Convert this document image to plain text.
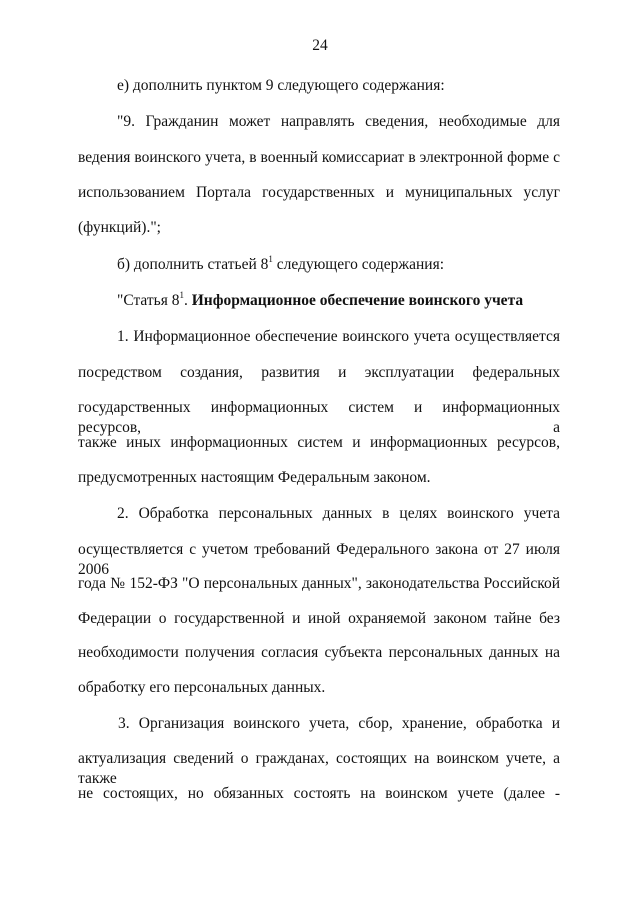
24
е) дополнить пунктом 9 следующего содержания:
"9. Гражданин может направлять сведения, необходимые для
ведения воинского учета, в военный комиссариат в электронной форме с
использованием Портала государственных и муниципальных услуг
(функций).";
б) дополнить статьей $8^1$ следующего содержания:
"Статья $8^1$. Информационное обеспечение воинского учета
1. Информационное обеспечение воинского учета осуществляется
посредством создания, развития и эксплуатации федеральных
государственных информационных систем и информационных ресурсов, а
также иных информационных систем и информационных ресурсов,
предусмотренных настоящим Федеральным законом.
2. Обработка персональных данных в целях воинского учета
осуществляется с учетом требований Федерального закона от 27 июля 2006
года № 152-ФЗ "О персональных данных", законодательства Российской
Федерации о государственной и иной охраняемой законом тайне без
необходимости получения согласия субъекта персональных данных на
обработку его персональных данных.
3. Организация воинского учета, сбор, хранение, обработка и
актуализация сведений о гражданах, состоящих на воинском учете, а также
не состоящих, но обязанных состоять на воинском учете (далее -
